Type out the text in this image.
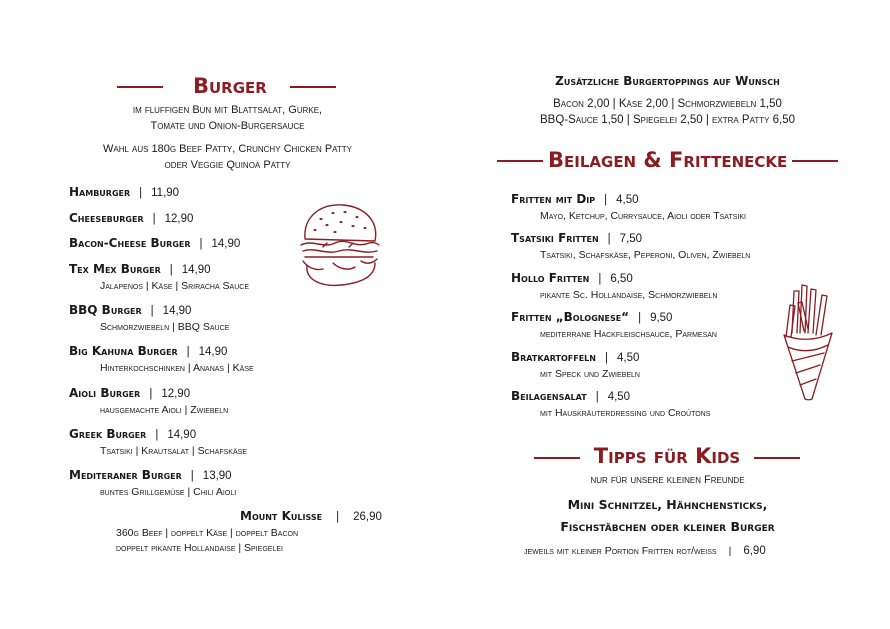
Burger
im fluffigen Bun mit Blattsalat, Gurke,
Tomate und Onion-Burgersauce
Wahl aus 180g Beef Patty, Crunchy Chicken Patty
oder Veggie Quinoa Patty
Hamburger | 11,90
Cheeseburger | 12,90
Bacon-Cheese Burger | 14,90
Tex Mex Burger | 14,90
Jalapenos | Käse | Sriracha Sauce
BBQ Burger | 14,90
Schmorzwiebeln | BBQ Sauce
Big Kahuna Burger | 14,90
Hinterkochschinken | Ananas | Käse
Aioli Burger | 12,90
hausgemachte Aioli | Zwiebeln
Greek Burger | 14,90
Tsatsiki | Krautsalat | Schafskäse
Mediteraner Burger | 13,90
buntes Grillgemüse | Chili Aioli
Mount Kulisse | 26,90
360g Beef | doppelt Käse | doppelt Bacon
doppelt pikante Hollandaise | Spiegelei
Zusätzliche Burgertoppings auf Wunsch
Bacon 2,00 | Käse 2,00 | Schmorzwiebeln 1,50
BBQ-Sauce 1,50 | Spiegelei 2,50 | extra Patty 6,50
Beilagen & Frittenecke
Fritten mit Dip | 4,50
Mayo, Ketchup, Currysauce, Aioli oder Tsatsiki
Tsatsiki Fritten | 7,50
Tsatsiki, Schafskäse, Peperoni, Oliven, Zwiebeln
Hollo Fritten | 6,50
pikante Sc. Hollandaise, Schmorzwiebeln
Fritten „Bolognese“ | 9,50
mediterrane Hackfleischsauce, Parmesan
Bratkartoffeln | 4,50
mit Speck und Zwiebeln
Beilagensalat | 4,50
mit Hauskräuterdressing und Croûtons
Tipps für Kids
nur für unsere kleinen Freunde
Mini Schnitzel, Hähnchensticks,
Fischstäbchen oder kleiner Burger
jeweils mit kleiner Portion Fritten rot/weiss | 6,90
